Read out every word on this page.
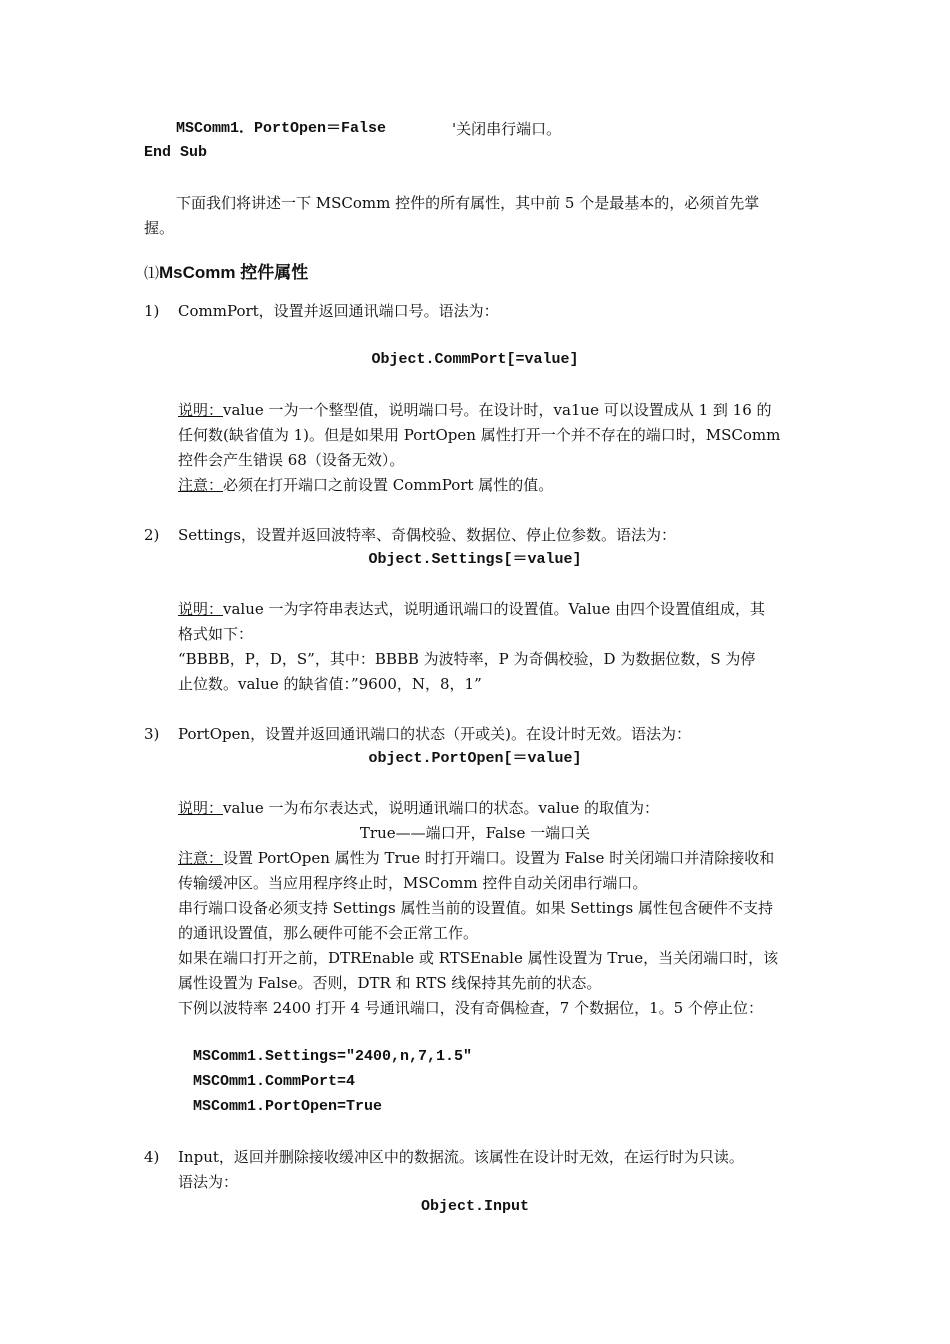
MSComm1．PortOpen＝False	'关闭串行端口。
End Sub
下面我们将讲述一下 MSComm 控件的所有属性，其中前 5 个是最基本的，必须首先掌
握。
⑴MsComm 控件属性
1) CommPort，设置并返回通讯端口号。语法为：
Object.CommPort[=value]
说明：value 一为一个整型值，说明端口号。在设计时，va1ue 可以设置成从 1 到 16 的
任何数(缺省值为 1)。但是如果用 PortOpen 属性打开一个并不存在的端口时，MSComm
控件会产生错误 68（设备无效）。
注意：必须在打开端口之前设置 CommPort 属性的值。
2) Settings，设置并返回波特率、奇偶校验、数据位、停止位参数。语法为：
Object.Settings[＝value]
说明：value 一为字符串表达式，说明通讯端口的设置值。Value 由四个设置值组成，其
格式如下：
“BBBB，P，D，S”，其中：BBBB 为波特率，P 为奇偶校验，D 为数据位数，S 为停
止位数。value 的缺省值：”9600，N，8，1”
3) PortOpen，设置并返回通讯端口的状态（开或关)。在设计时无效。语法为：
object.PortOpen[＝value]
说明：value 一为布尔表达式，说明通讯端口的状态。value 的取值为：
True——端口开，False 一端口关
注意：设置 PortOpen 属性为 True 时打开端口。设置为 False 时关闭端口并清除接收和
传输缓冲区。当应用程序终止时，MSComm 控件自动关闭串行端口。
串行端口设备必须支持 Settings 属性当前的设置值。如果 Settings 属性包含硬件不支持
的通讯设置值，那么硬件可能不会正常工作。
如果在端口打开之前，DTREnable 或 RTSEnable 属性设置为 True，当关闭端口时，该
属性设置为 False。否则，DTR 和 RTS 线保持其先前的状态。
下例以波特率 2400 打开 4 号通讯端口，没有奇偶检查，7 个数据位，1。5 个停止位：
MSComm1.Settings="2400,n,7,1.5"
MSCOmm1.CommPort=4
MSComm1.PortOpen=True
4) Input，返回并删除接收缓冲区中的数据流。该属性在设计时无效，在运行时为只读。
语法为：
Object.Input
